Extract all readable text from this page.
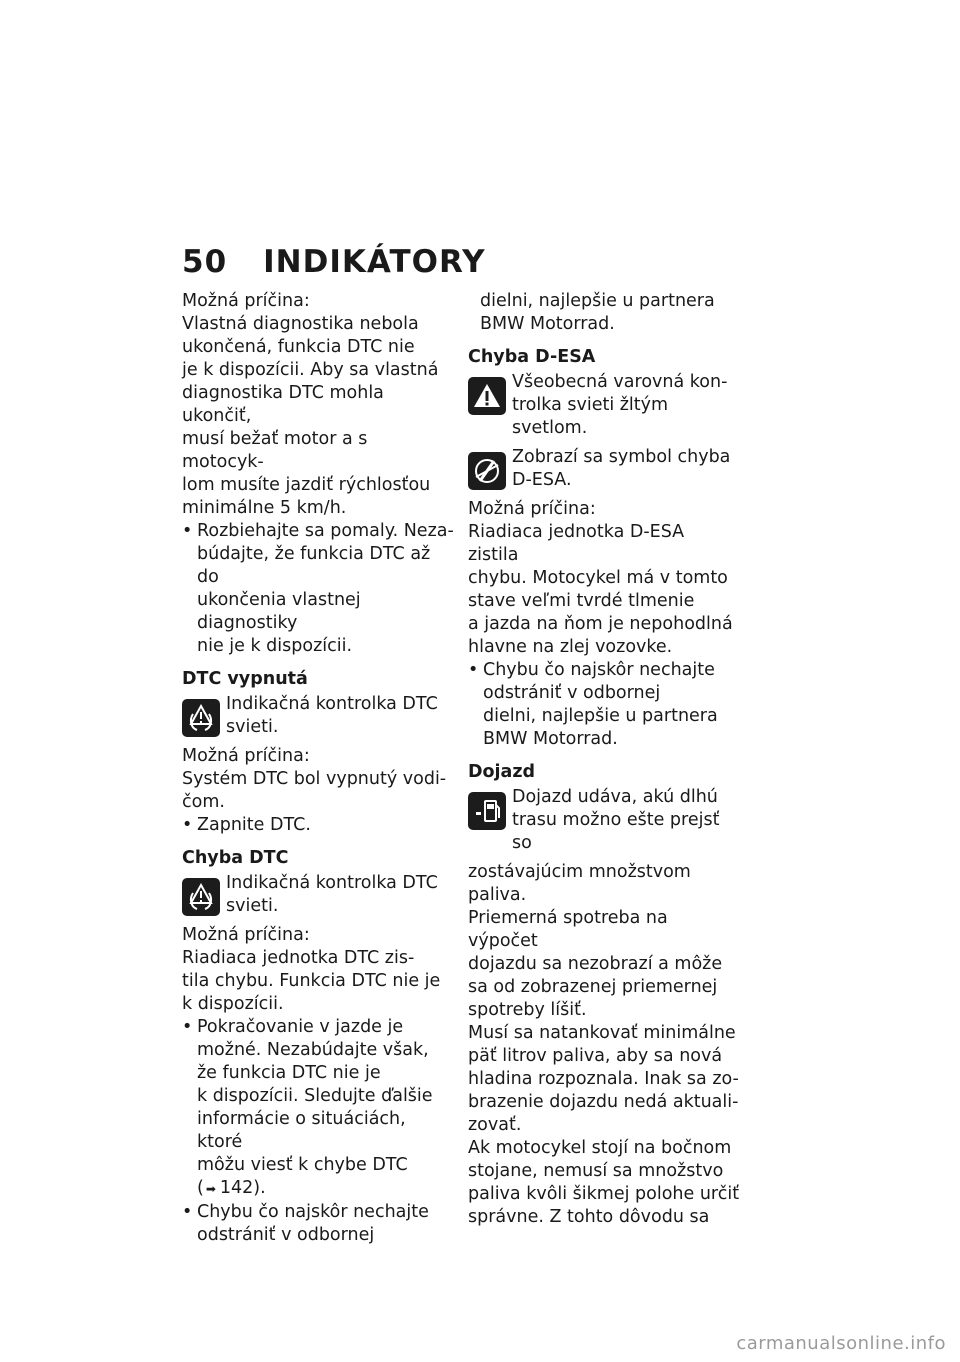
50 INDIKÁTORY

Možná príčina:

Vlastná diagnostika nebola

ukončená, funkcia DTC nie

je k dispozícii. Aby sa vlastná

diagnostika DTC mohla ukončiť,

musí bežať motor a s motocyk-

lom musíte jazdiť rýchlosťou

minimálne 5 km/h.

• Rozbiehajte sa pomaly. Neza-
búdajte, že funkcia DTC až do
ukončenia vlastnej diagnostiky
nie je k dispozícii.
DTC vypnutá
Indikačná kontrolka DTC
svieti.

Možná príčina:

Systém DTC bol vypnutý vodi-

čom.

• Zapnite DTC.
Chyba DTC
Indikačná kontrolka DTC
svieti.

Možná príčina:

Riadiaca jednotka DTC zis-

tila chybu. Funkcia DTC nie je

k dispozícii.

• Pokračovanie v jazde je
možné. Nezabúdajte však,
že funkcia DTC nie je
k dispozícii. Sledujte ďalšie
informácie o situáciách, ktoré
môžu viesť k chybe DTC
( ➡ 142).
• Chybu čo najskôr nechajte
odstrániť v odbornej
dielni, najlepšie u partnera
BMW Motorrad.
Chyba D-ESA
Všeobecná varovná kon-
trolka svieti žltým svetlom.
Zobrazí sa symbol chyba
D-ESA.

Možná príčina:

Riadiaca jednotka D-ESA zistila

chybu. Motocykel má v tomto

stave veľmi tvrdé tlmenie

a jazda na ňom je nepohodlná

hlavne na zlej vozovke.

• Chybu čo najskôr nechajte
odstrániť v odbornej
dielni, najlepšie u partnera
BMW Motorrad.
Dojazd
Dojazd udáva, akú dlhú
trasu možno ešte prejsť so

zostávajúcim množstvom paliva.

Priemerná spotreba na výpočet

dojazdu sa nezobrazí a môže

sa od zobrazenej priemernej

spotreby líšiť.

Musí sa natankovať minimálne

päť litrov paliva, aby sa nová

hladina rozpoznala. Inak sa zo-

brazenie dojazdu nedá aktuali-

zovať.

Ak motocykel stojí na bočnom

stojane, nemusí sa množstvo

paliva kvôli šikmej polohe určiť

správne. Z tohto dôvodu sa

carmanualsonline.info
